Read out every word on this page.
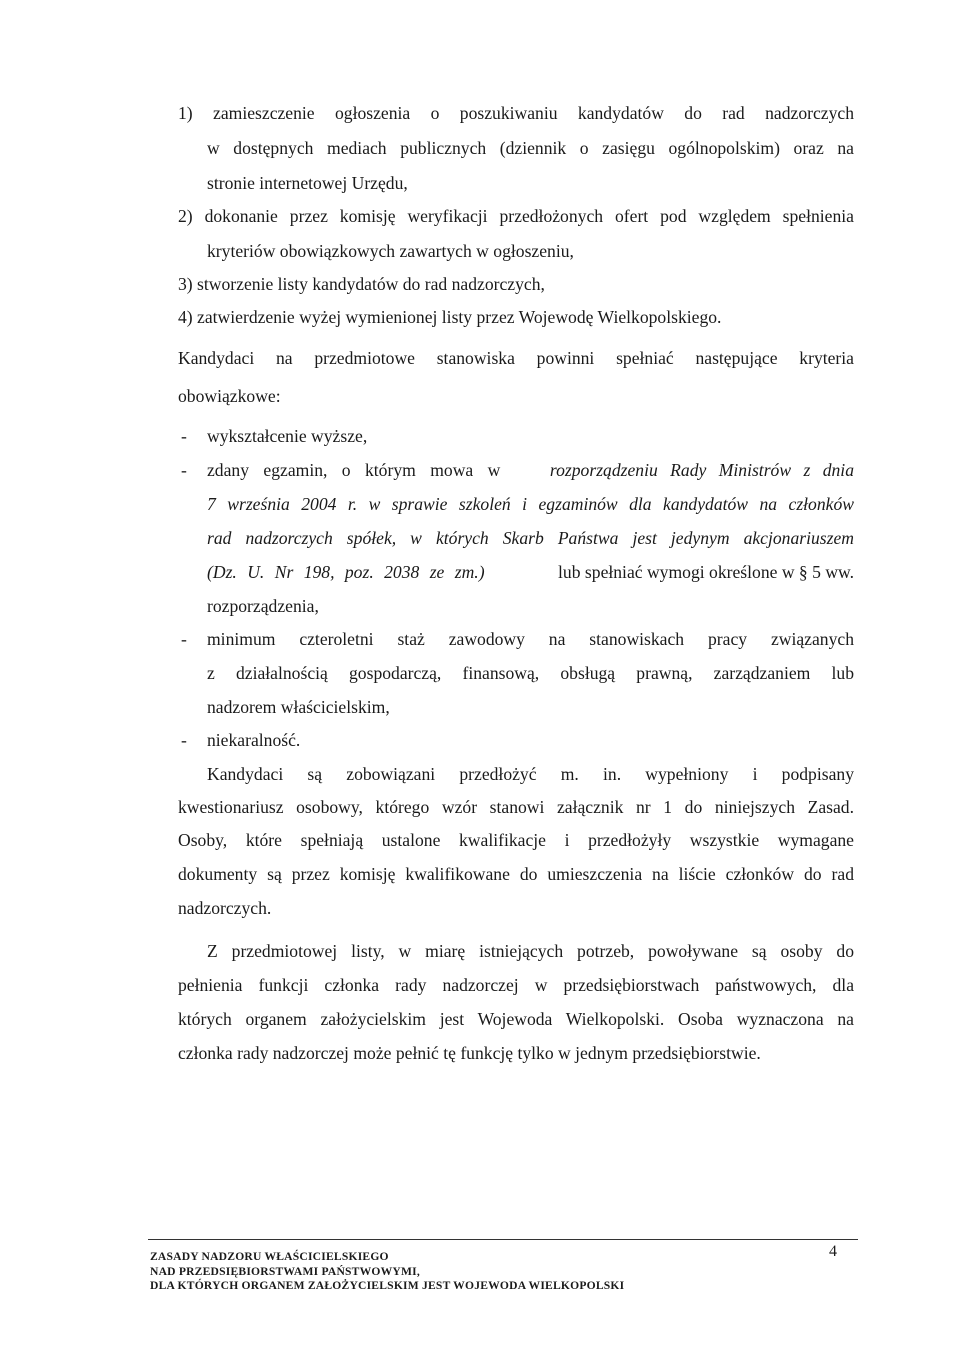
1) zamieszczenie ogłoszenia o poszukiwaniu kandydatów do rad nadzorczych
w dostępnych mediach publicznych (dziennik o zasięgu ogólnopolskim) oraz na
stronie internetowej Urzędu,
2) dokonanie przez komisję weryfikacji przedłożonych ofert pod względem spełnienia
kryteriów obowiązkowych zawartych w ogłoszeniu,
3) stworzenie listy kandydatów do rad nadzorczych,
4) zatwierdzenie wyżej wymienionej listy przez Wojewodę Wielkopolskiego.
Kandydaci na przedmiotowe stanowiska powinni spełniać następujące kryteria
obowiązkowe:
- wykształcenie wyższe,
- zdany egzamin, o którym mowa w rozporządzeniu Rady Ministrów z dnia
7 września 2004 r. w sprawie szkoleń i egzaminów dla kandydatów na członków
rad nadzorczych spółek, w których Skarb Państwa jest jedynym akcjonariuszem
(Dz. U. Nr 198, poz. 2038 ze zm.)	lub spełniać wymogi określone w § 5 ww.
rozporządzenia,
- minimum czteroletni staż zawodowy na stanowiskach pracy związanych
z działalnością gospodarczą, finansową, obsługą prawną, zarządzaniem lub
nadzorem właścicielskim,
- niekaralność.
Kandydaci są zobowiązani przedłożyć m. in. wypełniony i podpisany
kwestionariusz osobowy, którego wzór stanowi załącznik nr 1 do niniejszych Zasad.
Osoby, które spełniają ustalone kwalifikacje i przedłożyły wszystkie wymagane
dokumenty są przez komisję kwalifikowane do umieszczenia na liście członków do rad
nadzorczych.
Z przedmiotowej listy, w miarę istniejących potrzeb, powoływane są osoby do
pełnienia funkcji członka rady nadzorczej w przedsiębiorstwach państwowych, dla
których organem założycielskim jest Wojewoda Wielkopolski. Osoba wyznaczona na
członka rady nadzorczej może pełnić tę funkcję tylko w jednym przedsiębiorstwie.
ZASADY NADZORU WŁAŚCICIELSKIEGO
NAD PRZEDSIĘBIORSTWAMI PAŃSTWOWYMI,
DLA KTÓRYCH ORGANEM ZAŁOŻYCIELSKIM JEST WOJEWODA WIELKOPOLSKI
4
